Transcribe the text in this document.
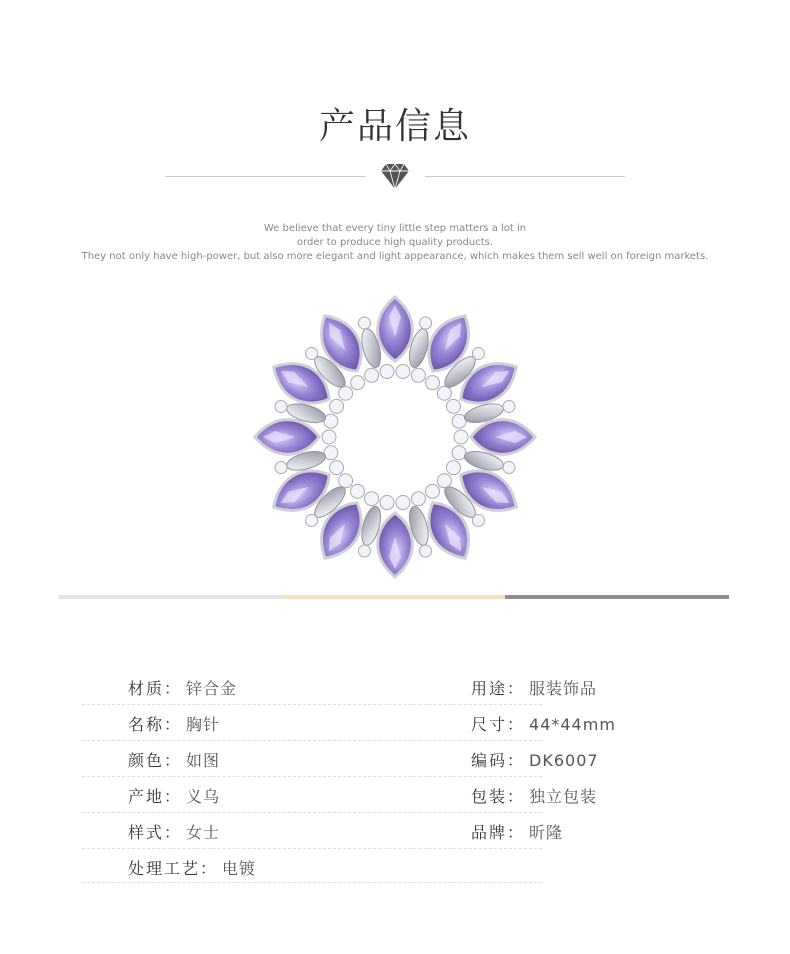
产品信息
We believe that every tiny little step matters a lot in
order to produce high quality products.
They not only have high-power, but also more elegant and light appearance, which makes them sell well on foreign markets.
材质： 锌合金	用途： 服装饰品
名称： 胸针	尺寸： 44*44mm
颜色： 如图	编码： DK6007
产地： 义乌	包装： 独立包装
样式： 女士	品牌： 昕隆
处理工艺： 电镀
